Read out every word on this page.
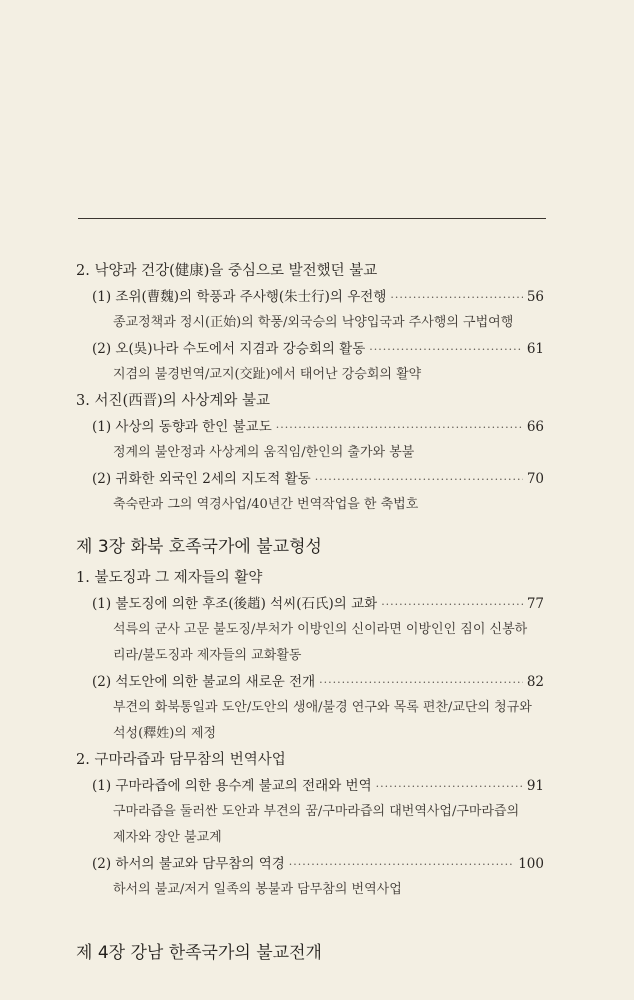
2. 낙양과 건강(健康)을 중심으로 발전했던 불교
(1) 조위(曹魏)의 학풍과 주사행(朱士行)의 우전행 ·····	56
종교정책과 정시(正始)의 학풍/외국승의 낙양입국과 주사행의 구법여행
(2) 오(吳)나라 수도에서 지겸과 강승회의 활동 ·····	61
지겸의 불경번역/교지(交趾)에서 태어난 강승회의 활약
3. 서진(西晋)의 사상계와 불교
(1) 사상의 동향과 한인 불교도 ·····	66
정계의 불안정과 사상계의 움직임/한인의 출가와 봉불
(2) 귀화한 외국인 2세의 지도적 활동 ·····	70
축숙란과 그의 역경사업/40년간 번역작업을 한 축법호
제 3장 화북 호족국가에 불교형성
1. 불도징과 그 제자들의 활약
(1) 불도징에 의한 후조(後趙) 석씨(石氏)의 교화 ·····	77
석륵의 군사 고문 불도징/부처가 이방인의 신이라면 이방인인 짐이 신봉하
리라/불도징과 제자들의 교화활동
(2) 석도안에 의한 불교의 새로운 전개 ·····	82
부견의 화북통일과 도안/도안의 생애/불경 연구와 목록 편찬/교단의 청규와
석성(釋姓)의 제정
2. 구마라즙과 담무참의 번역사업
(1) 구마라즙에 의한 용수계 불교의 전래와 번역 ·····	91
구마라즙을 둘러싼 도안과 부견의 꿈/구마라즙의 대번역사업/구마라즙의
제자와 장안 불교계
(2) 하서의 불교와 담무참의 역경 ·····	100
하서의 불교/저거 일족의 봉불과 담무참의 번역사업
제 4장 강남 한족국가의 불교전개
